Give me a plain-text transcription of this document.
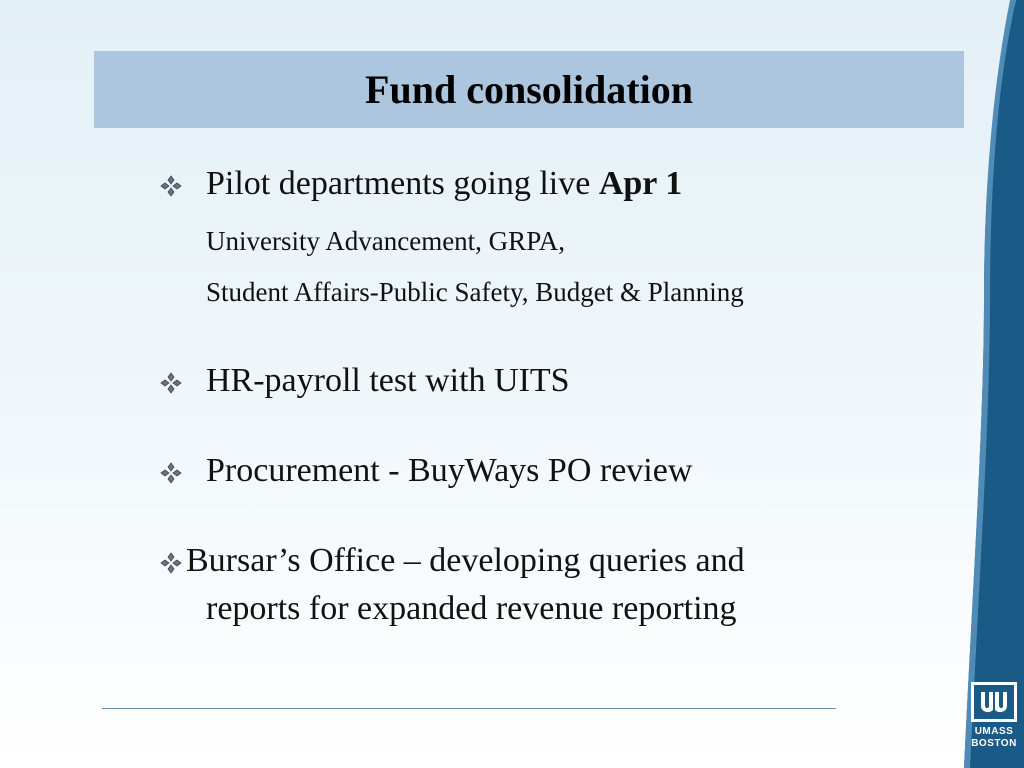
Fund consolidation
Pilot departments going live Apr 1
University Advancement, GRPA,
Student Affairs-Public Safety, Budget & Planning
HR-payroll test with UITS
Procurement - BuyWays PO review
Bursar’s Office – developing queries and
reports for expanded revenue reporting
UMASS
BOSTON
